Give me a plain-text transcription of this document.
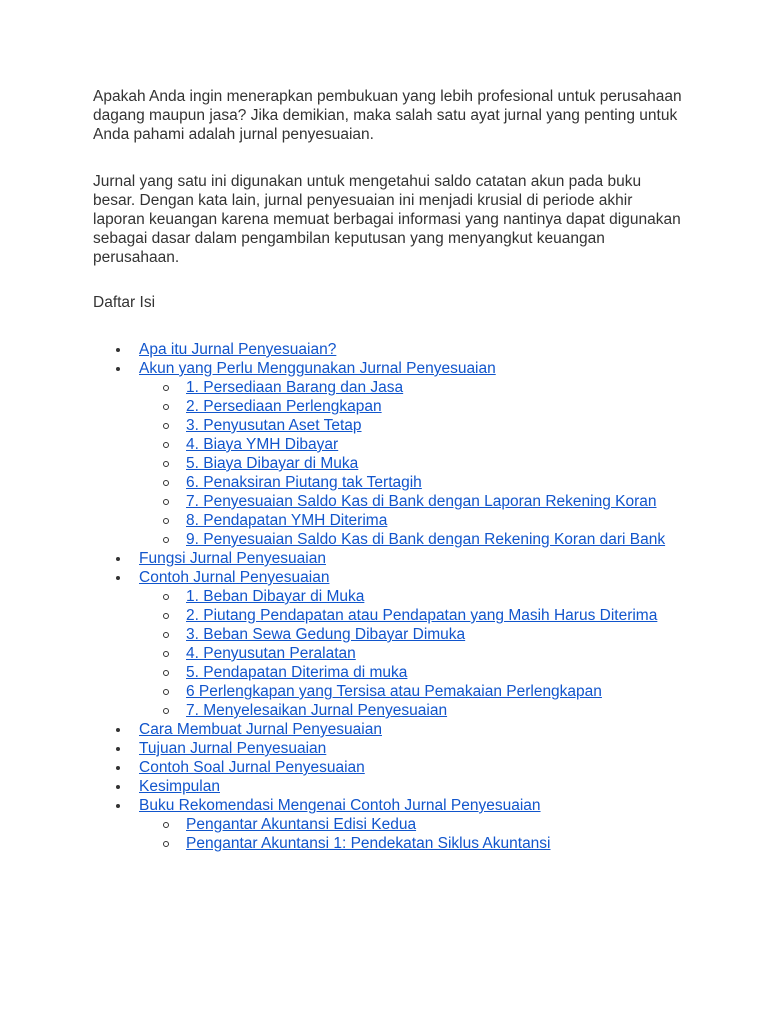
Apakah Anda ingin menerapkan pembukuan yang lebih profesional untuk perusahaan dagang maupun jasa? Jika demikian, maka salah satu ayat jurnal yang penting untuk Anda pahami adalah jurnal penyesuaian.

Jurnal yang satu ini digunakan untuk mengetahui saldo catatan akun pada buku besar. Dengan kata lain, jurnal penyesuaian ini menjadi krusial di periode akhir laporan keuangan karena memuat berbagai informasi yang nantinya dapat digunakan sebagai dasar dalam pengambilan keputusan yang menyangkut keuangan perusahaan.

Daftar Isi

Apa itu Jurnal Penyesuaian?
Akun yang Perlu Menggunakan Jurnal Penyesuaian
1. Persediaan Barang dan Jasa
2. Persediaan Perlengkapan
3. Penyusutan Aset Tetap
4. Biaya YMH Dibayar
5. Biaya Dibayar di Muka
6. Penaksiran Piutang tak Tertagih
7. Penyesuaian Saldo Kas di Bank dengan Laporan Rekening Koran
8. Pendapatan YMH Diterima
9. Penyesuaian Saldo Kas di Bank dengan Rekening Koran dari Bank
Fungsi Jurnal Penyesuaian
Contoh Jurnal Penyesuaian
1. Beban Dibayar di Muka
2. Piutang Pendapatan atau Pendapatan yang Masih Harus Diterima
3. Beban Sewa Gedung Dibayar Dimuka
4. Penyusutan Peralatan
5. Pendapatan Diterima di muka
6 Perlengkapan yang Tersisa atau Pemakaian Perlengkapan
7. Menyelesaikan Jurnal Penyesuaian
Cara Membuat Jurnal Penyesuaian
Tujuan Jurnal Penyesuaian
Contoh Soal Jurnal Penyesuaian
Kesimpulan
Buku Rekomendasi Mengenai Contoh Jurnal Penyesuaian
Pengantar Akuntansi Edisi Kedua
Pengantar Akuntansi 1: Pendekatan Siklus Akuntansi
